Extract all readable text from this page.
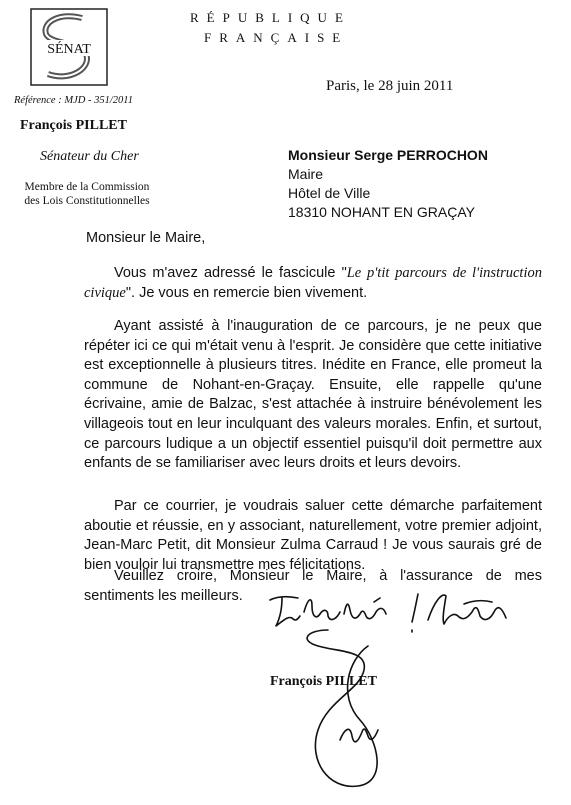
SÉNAT
RÉPUBLIQUE
FRANÇAISE
Paris, le 28 juin 2011
Référence : MJD - 351/2011
François PILLET
Sénateur du Cher
Membre de la Commission
des Lois Constitutionnelles
Monsieur Serge PERROCHON
Maire
Hôtel de Ville
18310 NOHANT EN GRAÇAY
Monsieur le Maire,
Vous m'avez adressé le fascicule "Le p'tit parcours de l'instruction civique". Je vous en remercie bien vivement.
Ayant assisté à l'inauguration de ce parcours, je ne peux que répéter ici ce qui m'était venu à l'esprit. Je considère que cette initiative est exceptionnelle à plusieurs titres. Inédite en France, elle promeut la commune de Nohant-en-Graçay. Ensuite, elle rappelle qu'une écrivaine, amie de Balzac, s'est attachée à instruire bénévolement les villageois tout en leur inculquant des valeurs morales. Enfin, et surtout, ce parcours ludique a un objectif essentiel puisqu'il doit permettre aux enfants de se familiariser avec leurs droits et leurs devoirs.
Par ce courrier, je voudrais saluer cette démarche parfaitement aboutie et réussie, en y associant, naturellement, votre premier adjoint, Jean-Marc Petit, dit Monsieur Zulma Carraud ! Je vous saurais gré de bien vouloir lui transmettre mes félicitations.
Veuillez croire, Monsieur le Maire, à l'assurance de mes sentiments les meilleurs.
François PILLET
